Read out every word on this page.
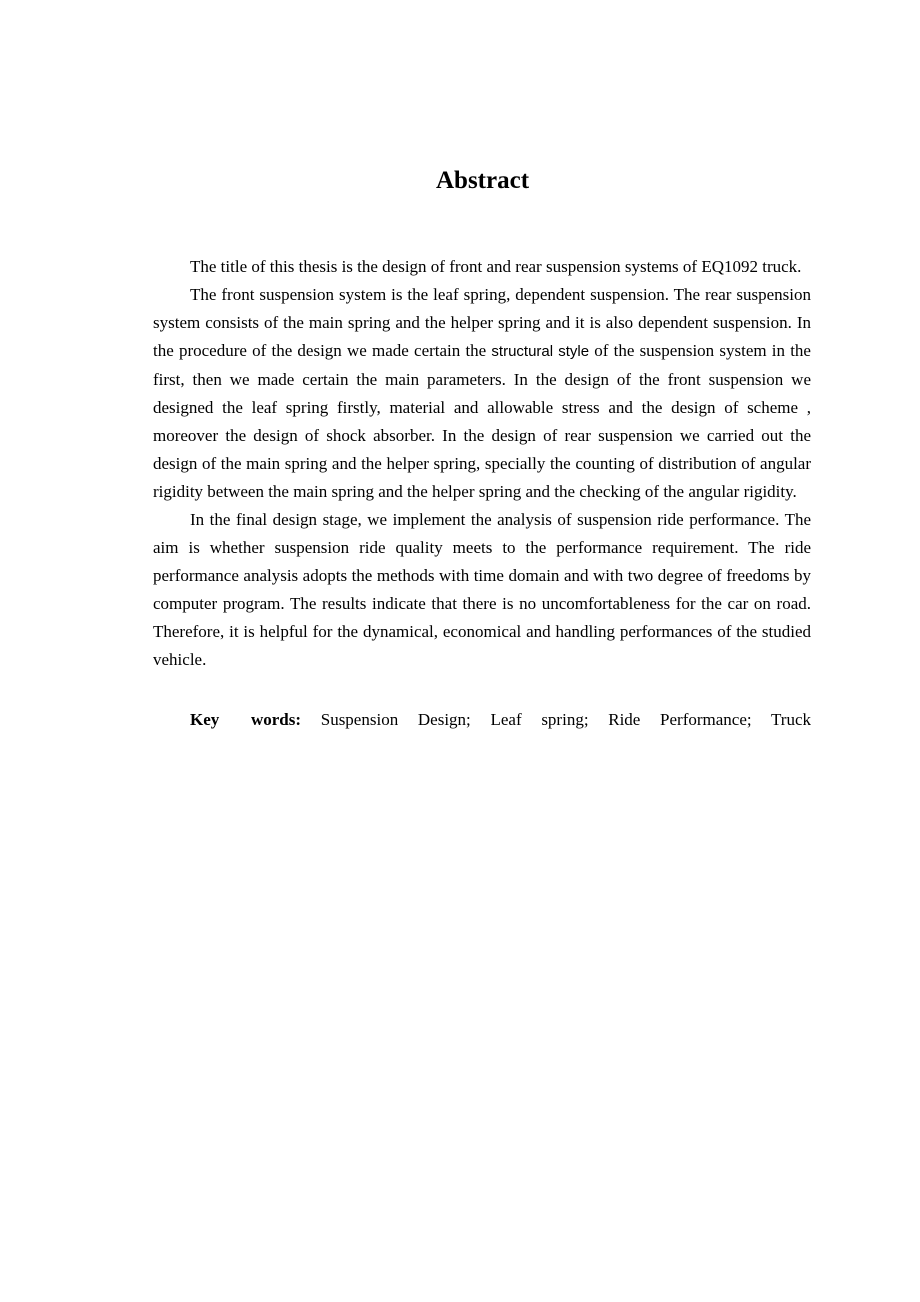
Abstract

The title of this thesis is the design of front and rear suspension systems of EQ1092 truck.

The front suspension system is the leaf spring, dependent suspension. The rear suspension system consists of the main spring and the helper spring and it is also dependent suspension. In the procedure of the design we made certain the structural style of the suspension system in the first, then we made certain the main parameters. In the design of the front suspension we designed the leaf spring firstly, material and allowable stress and the design of scheme , moreover the design of shock absorber. In the design of rear suspension we carried out the design of the main spring and the helper spring, specially the counting of distribution of angular rigidity between the main spring and the helper spring and the checking of the angular rigidity.

In the final design stage, we implement the analysis of suspension ride performance. The aim is whether suspension ride quality meets to the performance requirement. The ride performance analysis adopts the methods with time domain and with two degree of freedoms by computer program. The results indicate that there is no uncomfortableness for the car on road. Therefore, it is helpful for the dynamical, economical and handling performances of the studied vehicle.

Key words: Suspension Design; Leaf spring; Ride Performance; Truck
